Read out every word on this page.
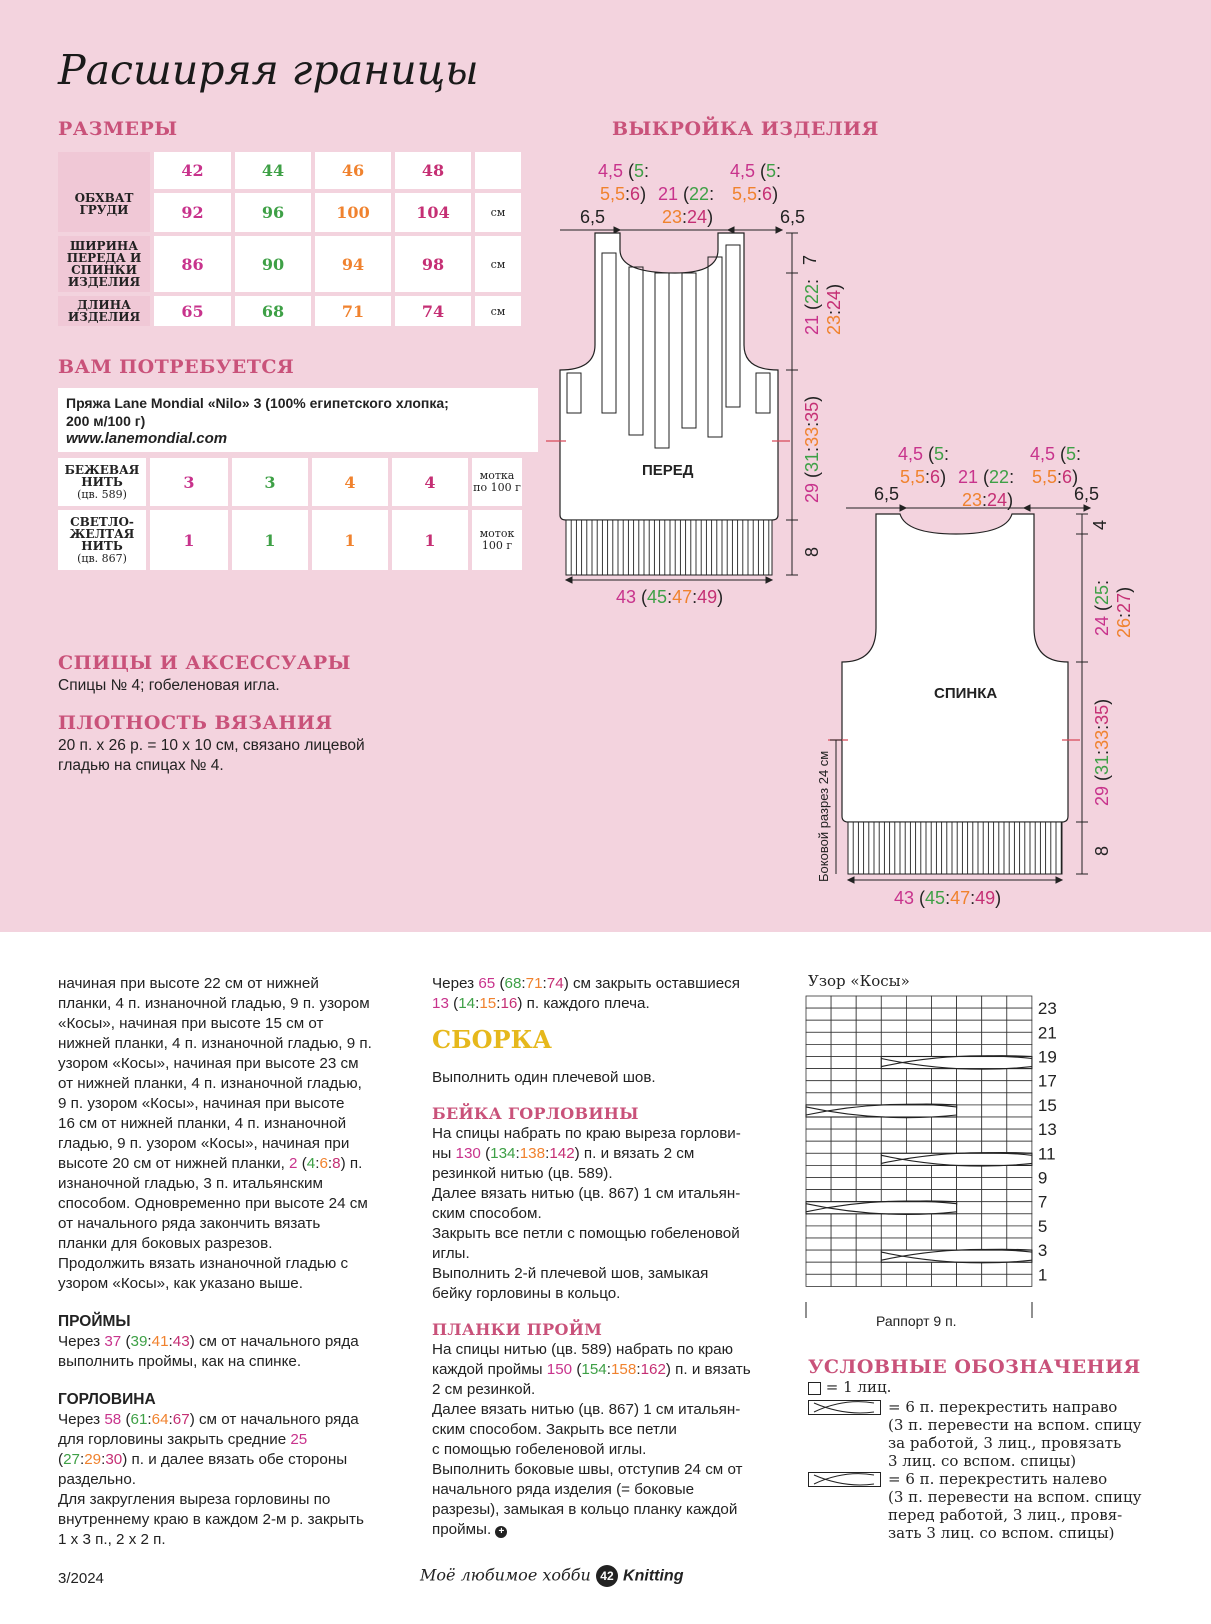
Расширяя границы
РАЗМЕРЫ
ОБХВАТ ГРУДИ	42	44	46	48	
	92	96	100	104	см
ШИРИНА ПЕРЕДА И СПИНКИ ИЗДЕЛИЯ	86	90	94	98	см
ДЛИНА ИЗДЕЛИЯ	65	68	71	74	см
ВАМ ПОТРЕБУЕТСЯ
Пряжа Lane Mondial «Nilo» 3 (100% египетского хлопка;
200 м/100 г)
www.lanemondial.com
БЕЖЕВАЯ НИТЬ
(цв. 589)	3	3	4	4	мотка по 100 г
СВЕТЛО-ЖЕЛТАЯ НИТЬ
(цв. 867)	1	1	1	1	моток 100 г
СПИЦЫ И АКСЕССУАРЫ
Спицы № 4; гобеленовая игла.
ПЛОТНОСТЬ ВЯЗАНИЯ
20 п. х 26 р. = 10 х 10 см, связано лицевой
гладью на спицах № 4.
ВЫКРОЙКА ИЗДЕЛИЯ
4,5 (5:
5,5:6) 21 (22:
23:24)
4,5 (5:
5,5:6)
6,5	6,5
43 (45:47:49)
ПЕРЕД
7
21 (22:
23:24)
29 (31:33:35)
8
4,5 (5:
5,5:6) 21 (22:
23:24)
4,5 (5:
5,5:6)
6,5	6,5
СПИНКА
Боковой разрез 24 см
43 (45:47:49)
4
24 (25:
26:27)
29 (31:33:35)
8

начиная при высоте 22 см от нижней

планки, 4 п. изнаночной гладью, 9 п. узором

«Косы», начиная при высоте 15 см от

нижней планки, 4 п. изнаночной гладью, 9 п.

узором «Косы», начиная при высоте 23 см

от нижней планки, 4 п. изнаночной гладью,

9 п. узором «Косы», начиная при высоте

16 см от нижней планки, 4 п. изнаночной

гладью, 9 п. узором «Косы», начиная при

высоте 20 см от нижней планки, 2 (4:6:8) п.

изнаночной гладью, 3 п. итальянским

способом. Одновременно при высоте 24 см

от начального ряда закончить вязать

планки для боковых разрезов.

Продолжить вязать изнаночной гладью с

узором «Косы», как указано выше.

ПРОЙМЫ

Через 37 (39:41:43) см от начального ряда

выполнить проймы, как на спинке.

ГОРЛОВИНА

Через 58 (61:64:67) см от начального ряда

для горловины закрыть средние 25

(27:29:30) п. и далее вязать обе стороны

раздельно.

Для закругления выреза горловины по

внутреннему краю в каждом 2-м р. закрыть

1 х 3 п., 2 х 2 п.

Через 65 (68:71:74) см закрыть оставшиеся

13 (14:15:16) п. каждого плеча.

СБОРКА

Выполнить один плечевой шов.

БЕЙКА ГОРЛОВИНЫ

На спицы набрать по краю выреза горлови-

ны 130 (134:138:142) п. и вязать 2 см

резинкой нитью (цв. 589).

Далее вязать нитью (цв. 867) 1 см итальян-

ским способом.

Закрыть все петли с помощью гобеленовой

иглы.

Выполнить 2-й плечевой шов, замыкая

бейку горловины в кольцо.

ПЛАНКИ ПРОЙМ

На спицы нитью (цв. 589) набрать по краю

каждой проймы 150 (154:158:162) п. и вязать

2 см резинкой.

Далее вязать нитью (цв. 867) 1 см итальян-

ским способом. Закрыть все петли

с помощью гобеленовой иглы.

Выполнить боковые швы, отступив 24 см от

начального ряда изделия (= боковые

разрезы), замыкая в кольцо планку каждой

проймы. +

Узор «Косы»
23
21
19
17
15
13
11
9
7
5
3
1
Раппорт 9 п.
УСЛОВНЫЕ ОБОЗНАЧЕНИЯ
= 1 лиц.
= 6 п. перекрестить направо
(3 п. перевести на вспом. спицу
за работой, 3 лиц., провязать
3 лиц. со вспом. спицы)
= 6 п. перекрестить налево
(3 п. перевести на вспом. спицу
перед работой, 3 лиц., провя-
зать 3 лиц. со вспом. спицы)
3/2024	Моё любимое хобби 42 Knitting
